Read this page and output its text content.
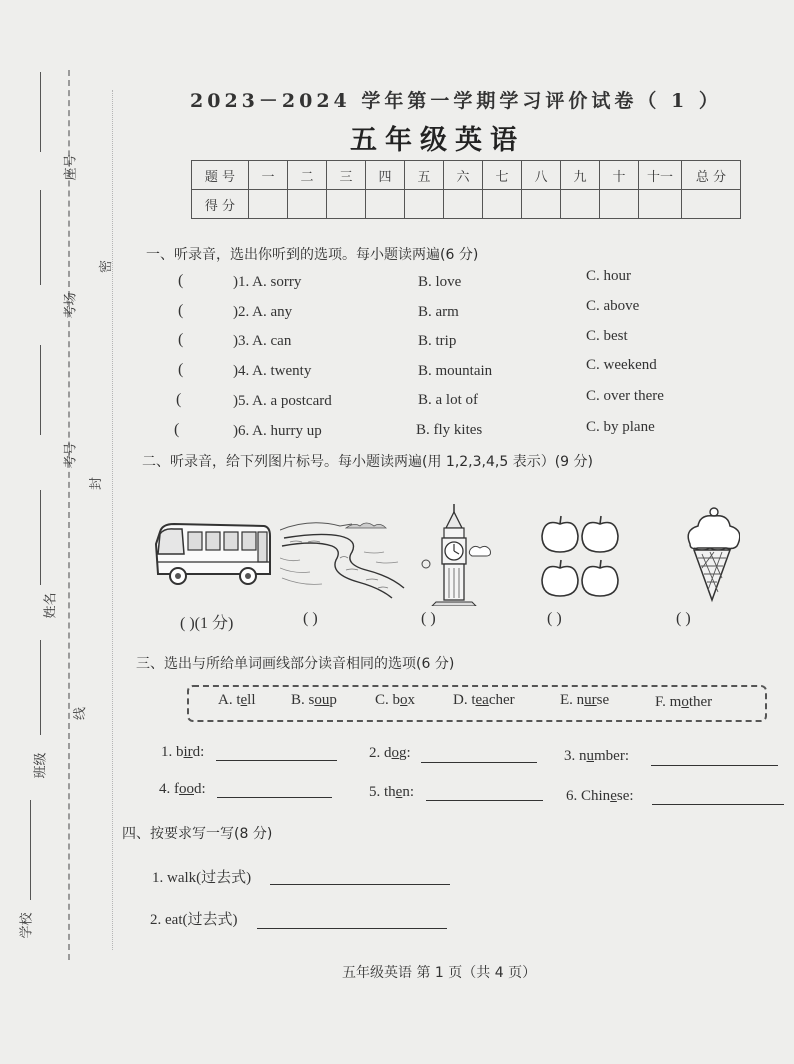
座号
考场
考号
姓名
班级
学校
密
封
线
2023－2024 学年第一学期学习评价试卷（ 1 ）
五年级英语
题 号	一	二	三	四	五	六	七	八	九	十	十一	总 分
得 分												
一、听录音，选出你听到的选项。每小题读两遍(6 分)
(	)1. A. sorry	B. love	C. hour
(	)2. A. any	B. arm	C. above
(	)3. A. can	B. trip	C. best
(	)4. A. twenty	B. mountain	C. weekend
(	)5. A. a postcard	B. a lot of	C. over there
(	)6. A. hurry up	B. fly kites	C. by plane
二、听录音，给下列图片标号。每小题读两遍(用 1,2,3,4,5 表示）(9 分)
( )(1 分)	( )	( )	( )	( )
三、选出与所给单词画线部分读音相同的选项(6 分)
A. tell B. soup	C. box	D. teacher	E. nurse	F. mother
1. bird:	2. dog:	3. number:
4. food:	5. then:	6. Chinese:
四、按要求写一写(8 分)
1. walk(过去式)
2. eat(过去式)
五年级英语 第 1 页（共 4 页）
